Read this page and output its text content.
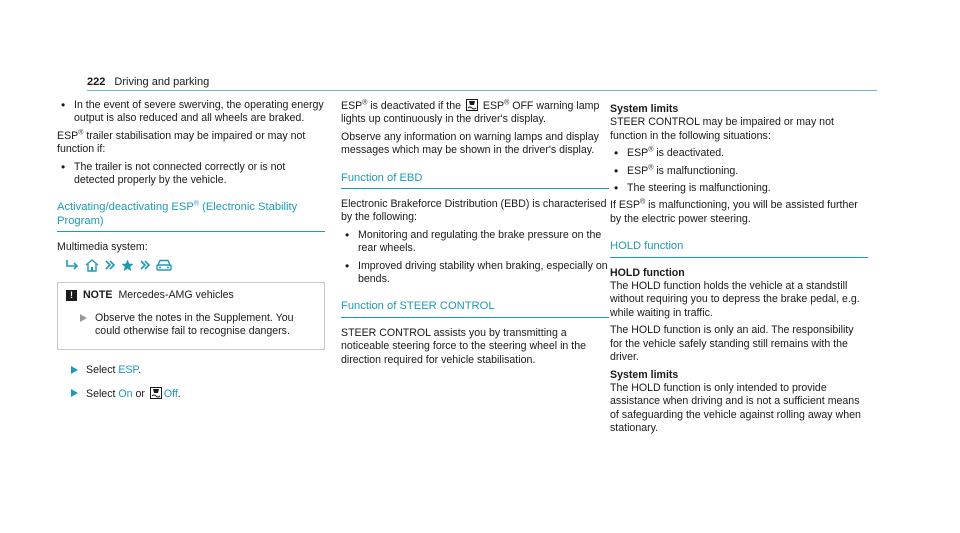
222 Driving and parking
• In the event of severe swerving, the operating energy output is also reduced and all wheels are braked.

ESP® trailer stabilisation may be impaired or may not function if:

• The trailer is not connected correctly or is not detected properly by the vehicle.
Activating/deactivating ESP® (Electronic Stability Program)

Multimedia system:

! NOTE Mercedes-AMG vehicles
Observe the notes in the Supplement. You could otherwise fail to recognise dangers.
Select ESP.
Select On or Off.

ESP® is deactivated if the  ESP® OFF warning lamp lights up continuously in the driver's display.

Observe any information on warning lamps and display messages which may be shown in the driver's display.

Function of EBD

Electronic Brakeforce Distribution (EBD) is characterised by the following:

• Monitoring and regulating the brake pressure on the rear wheels.
• Improved driving stability when braking, especially on bends.
Function of STEER CONTROL

STEER CONTROL assists you by transmitting a noticeable steering force to the steering wheel in the direction required for vehicle stabilisation.

System limits

STEER CONTROL may be impaired or may not function in the following situations:

• ESP® is deactivated.
• ESP® is malfunctioning.
• The steering is malfunctioning.

If ESP® is malfunctioning, you will be assisted further by the electric power steering.

HOLD function
HOLD function

The HOLD function holds the vehicle at a standstill without requiring you to depress the brake pedal, e.g. while waiting in traffic.

The HOLD function is only an aid. The responsibility for the vehicle safely standing still remains with the driver.

System limits

The HOLD function is only intended to provide assistance when driving and is not a sufficient means of safeguarding the vehicle against rolling away when stationary.
